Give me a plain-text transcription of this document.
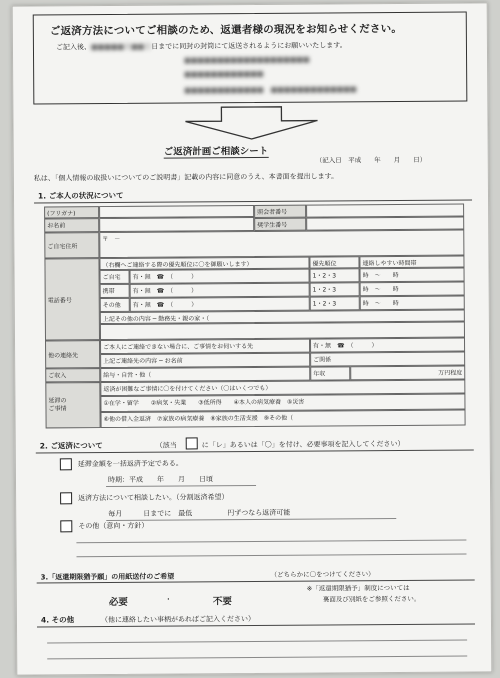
ご返済方法についてご相談のため、返還者様の現況をお知らせください。
ご記入後、■■■■■月■■日日までに同封の封筒にて返送されるようにお願いいたします。
■■■■■■■■■■■■■■■■■■■
■■■■■■■■■■■■
■■■■■■■■■■■■　■■■■■■■■■■■■■
ご返済計画ご相談シート
（記入日　平成　　年　　月　　日）
私は、「個人情報の取扱いについてのご説明書」記載の内容に同意のうえ、本書面を提出します。
1. ご本人の状況について
(フリガナ)
お名前
照会者番号
奨学生番号
ご自宅住所
〒　－
電話番号
（右欄へご連絡する際の優先順位に〇を御願いします）	優先順位	連絡しやすい時間帯
ご自宅	有・無　☎　（　　　）	1・2・3	時　〜　　時
携帯	有・無　☎　（　　　）	1・2・3	時　〜　　時
その他	有・無　☎　（　　　）	1・2・3	時　〜　　時
上記その他の内容 ─ 勤務先・親の家・（
他の連絡先
ご本人にご連絡できない場合に、ご事情をお伺いする先	有・無　☎　（　　　）
上記ご連絡先の内容 ─ お名前	ご関係
ご収入	給与・自営・他（	年収	万円程度
延滞の
ご事情
返済が困難なご事情に〇を付けてください（〇はいくつでも）
①在学・留学　　②病気・失業　　③低所得　　④本人の病気療養　⑤災害
⑥他の借入金返済　⑦家族の病気療養　⑧家族の生活支援　⑨その他（
2. ご返済について	（該当	に「レ」あるいは「〇」を付け、必要事項を記入してください）
延滞金額を一括返済予定である。
時期：平成　　年　　月　　日頃
返済方法について相談したい。（分割返済希望）
毎月　　　日までに　最低　　　　　円ずつなら返済可能
その他（意向・方針）
3.「返還期限猶予願」の用紙送付のご希望	（どちらかに〇をつけてください）
※「返還期限猶予」制度については
裏面及び別紙をご参照ください。
必要	・	不要
4. その他	（他に連絡したい事柄があればご記入ください）
